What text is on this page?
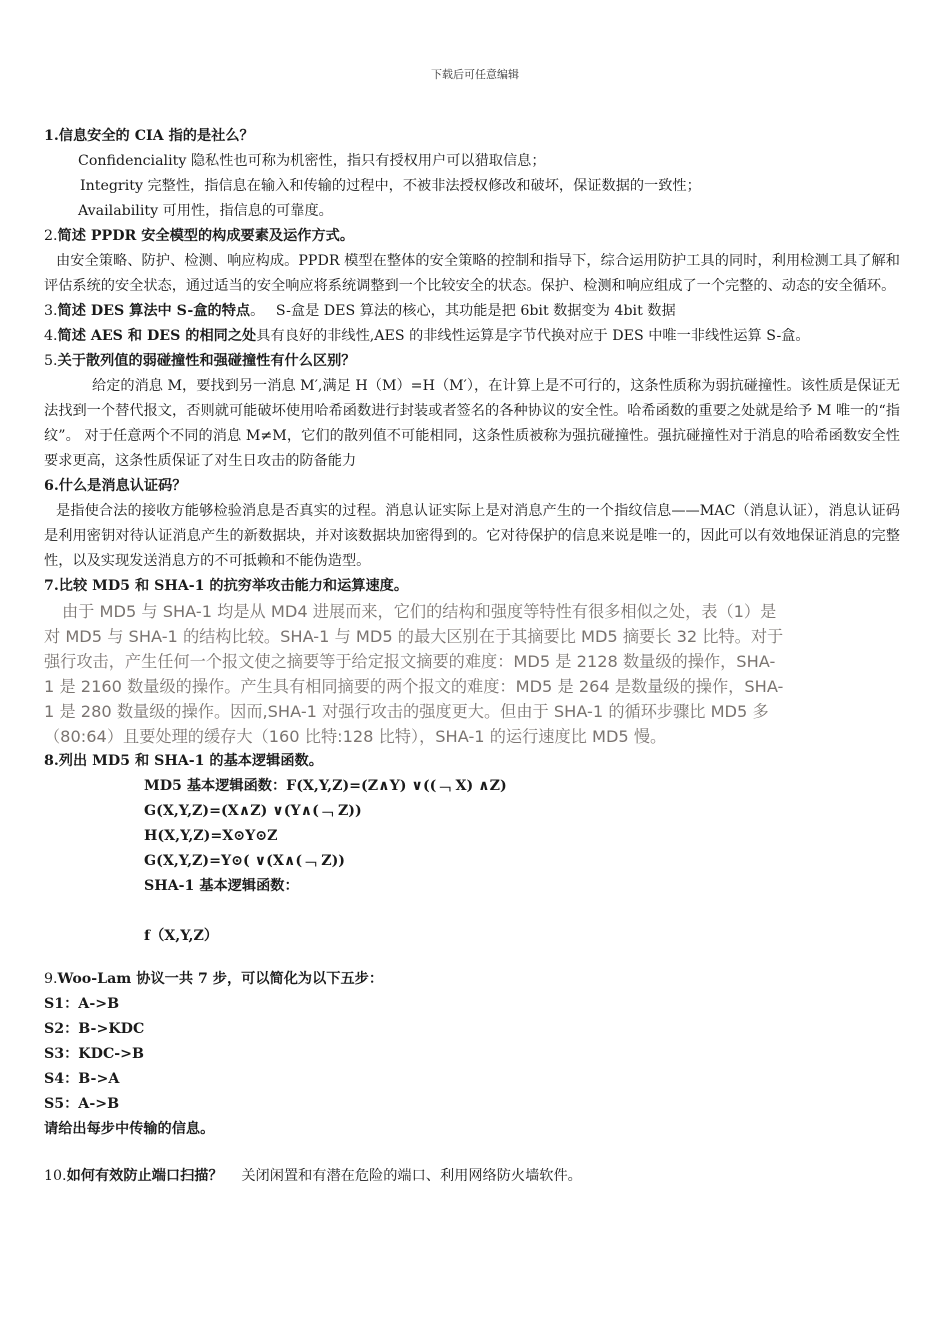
下载后可任意编辑
1.信息安全的 CIA 指的是社么？
Confidenciality 隐私性也可称为机密性，指只有授权用户可以猎取信息；
Integrity 完整性，指信息在输入和传输的过程中，不被非法授权修改和破坏，保证数据的一致性；
Availability 可用性，指信息的可靠度。
2.简述 PPDR 安全模型的构成要素及运作方式。
由安全策略、防护、检测、响应构成。PPDR 模型在整体的安全策略的控制和指导下，综合运用防护工具的同时，利用检测工具了解和评估系统的安全状态，通过适当的安全响应将系统调整到一个比较安全的状态。保护、检测和响应组成了一个完整的、动态的安全循环。
3.简述 DES 算法中 S-盒的特点。　 S-盒是 DES 算法的核心，其功能是把 6bit 数据变为 4bit 数据
4.简述 AES 和 DES 的相同之处具有良好的非线性,AES 的非线性运算是字节代换对应于 DES 中唯一非线性运算 S-盒。
5.关于散列值的弱碰撞性和强碰撞性有什么区别？
给定的消息 M，要找到另一消息 M′,满足 H（M）=H（M′），在计算上是不可行的，这条性质称为弱抗碰撞性。该性质是保证无法找到一个替代报文，否则就可能破坏使用哈希函数进行封装或者签名的各种协议的安全性。哈希函数的重要之处就是给予 M 唯一的“指纹”。 对于任意两个不同的消息 M≠M，它们的散列值不可能相同，这条性质被称为强抗碰撞性。强抗碰撞性对于消息的哈希函数安全性要求更高，这条性质保证了对生日攻击的防备能力
6.什么是消息认证码？
是指使合法的接收方能够检验消息是否真实的过程。消息认证实际上是对消息产生的一个指纹信息——MAC（消息认证），消息认证码是利用密钥对待认证消息产生的新数据块，并对该数据块加密得到的。它对待保护的信息来说是唯一的，因此可以有效地保证消息的完整性，以及实现发送消息方的不可抵赖和不能伪造型。
7.比较 MD5 和 SHA-1 的抗穷举攻击能力和运算速度。
由于 MD5 与 SHA-1 均是从 MD4 进展而来，它们的结构和强度等特性有很多相似之处，表（1）是
对 MD5 与 SHA-1 的结构比较。SHA-1 与 MD5 的最大区别在于其摘要比 MD5 摘要长 32 比特。对于
强行攻击，产生任何一个报文使之摘要等于给定报文摘要的难度：MD5 是 2128 数量级的操作，SHA-
1 是 2160 数量级的操作。产生具有相同摘要的两个报文的难度：MD5 是 264 是数量级的操作，SHA-
1 是 280 数量级的操作。因而,SHA-1 对强行攻击的强度更大。但由于 SHA-1 的循环步骤比 MD5 多
（80:64）且要处理的缓存大（160 比特:128 比特），SHA-1 的运行速度比 MD5 慢。
8.列出 MD5 和 SHA-1 的基本逻辑函数。
MD5 基本逻辑函数：F(X,Y,Z)=(Z∧Y) ∨((﹁ X) ∧Z)
G(X,Y,Z)=(X∧Z) ∨(Y∧(﹁ Z))
H(X,Y,Z)=X⊙Y⊙Z
G(X,Y,Z)=Y⊙( ∨(X∧(﹁ Z))
SHA-1 基本逻辑函数：
f（X,Y,Z）
9.Woo-Lam 协议一共 7 步，可以简化为以下五步：
S1：A->B
S2：B->KDC
S3：KDC->B
S4：B->A
S5：A->B
请给出每步中传输的信息。
10.如何有效防止端口扫描？　 关闭闲置和有潜在危险的端口、利用网络防火墙软件。
